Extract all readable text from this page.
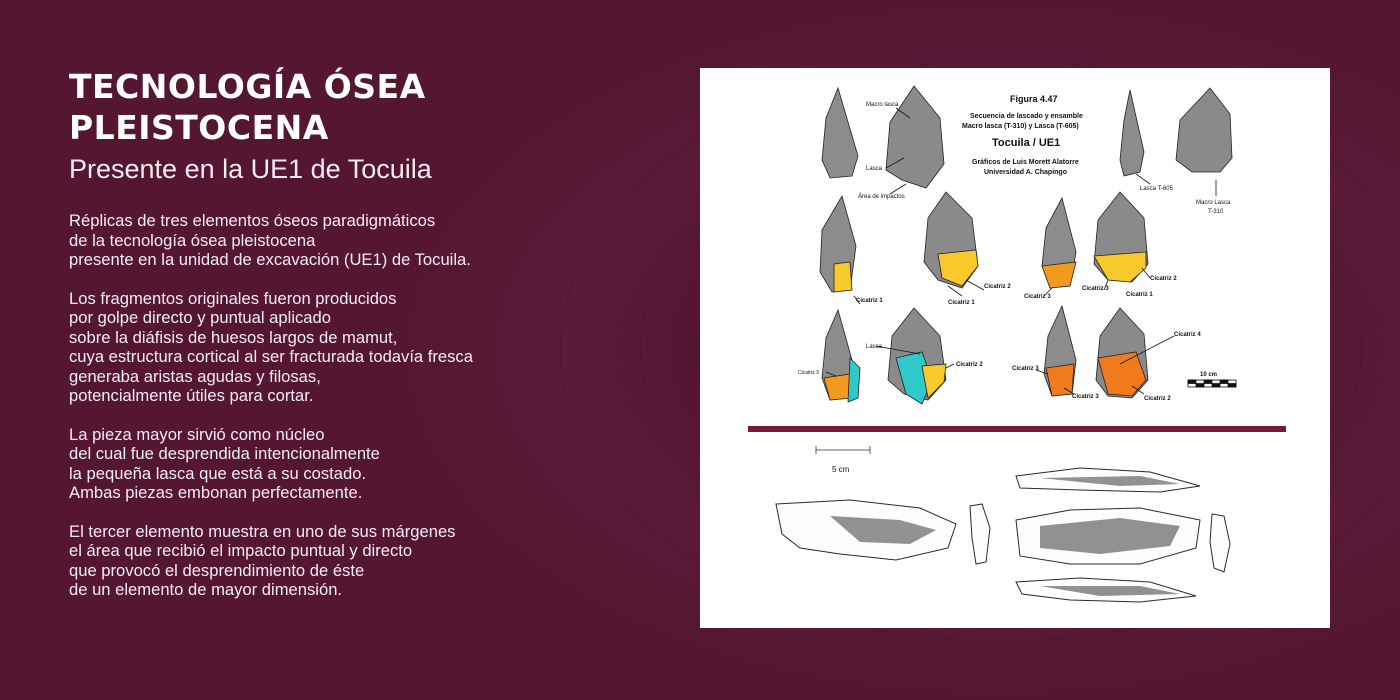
TECNOLOGÍA ÓSEA
PLEISTOCENA
Presente en la UE1 de Tocuila

Réplicas de tres elementos óseos paradigmáticos
de la tecnología ósea pleistocena
presente en la unidad de excavación (UE1) de Tocuila.

Los fragmentos originales fueron producidos
por golpe directo y puntual aplicado
sobre la diáfisis de huesos largos de mamut,
cuya estructura cortical al ser fracturada todavía fresca
generaba aristas agudas y filosas,
potencialmente útiles para cortar.

La pieza mayor sirvió como núcleo
del cual fue desprendida intencionalmente
la pequeña lasca que está a su costado.
Ambas piezas embonan perfectamente.

El tercer elemento muestra en uno de sus márgenes
el área que recibió el impacto puntual y directo
que provocó el desprendimiento de éste
de un elemento de mayor dimensión.

Figura 4.47
Secuencia de lascado y ensamble
Macro lasca (T-310) y Lasca (T-605)
Tocuila / UE1
Gráficos de Luis Morett Alatorre
Universidad A. Chapingo
Macro lasca
Lasca
Área de impactos
Lasca T-605
Macro Lasca
T-310
Cicatriz 1
Cicatriz 2
Cicatriz 1
Cicatriz 3
Cicatriz 3
Cicatriz 1
Cicatriz 2
Cicatriz 3
Lasca
Cicatriz 2
Cicatriz 3
Cicatriz 3
Cicatriz 4
Cicatriz 2
10 cm
5 cm
